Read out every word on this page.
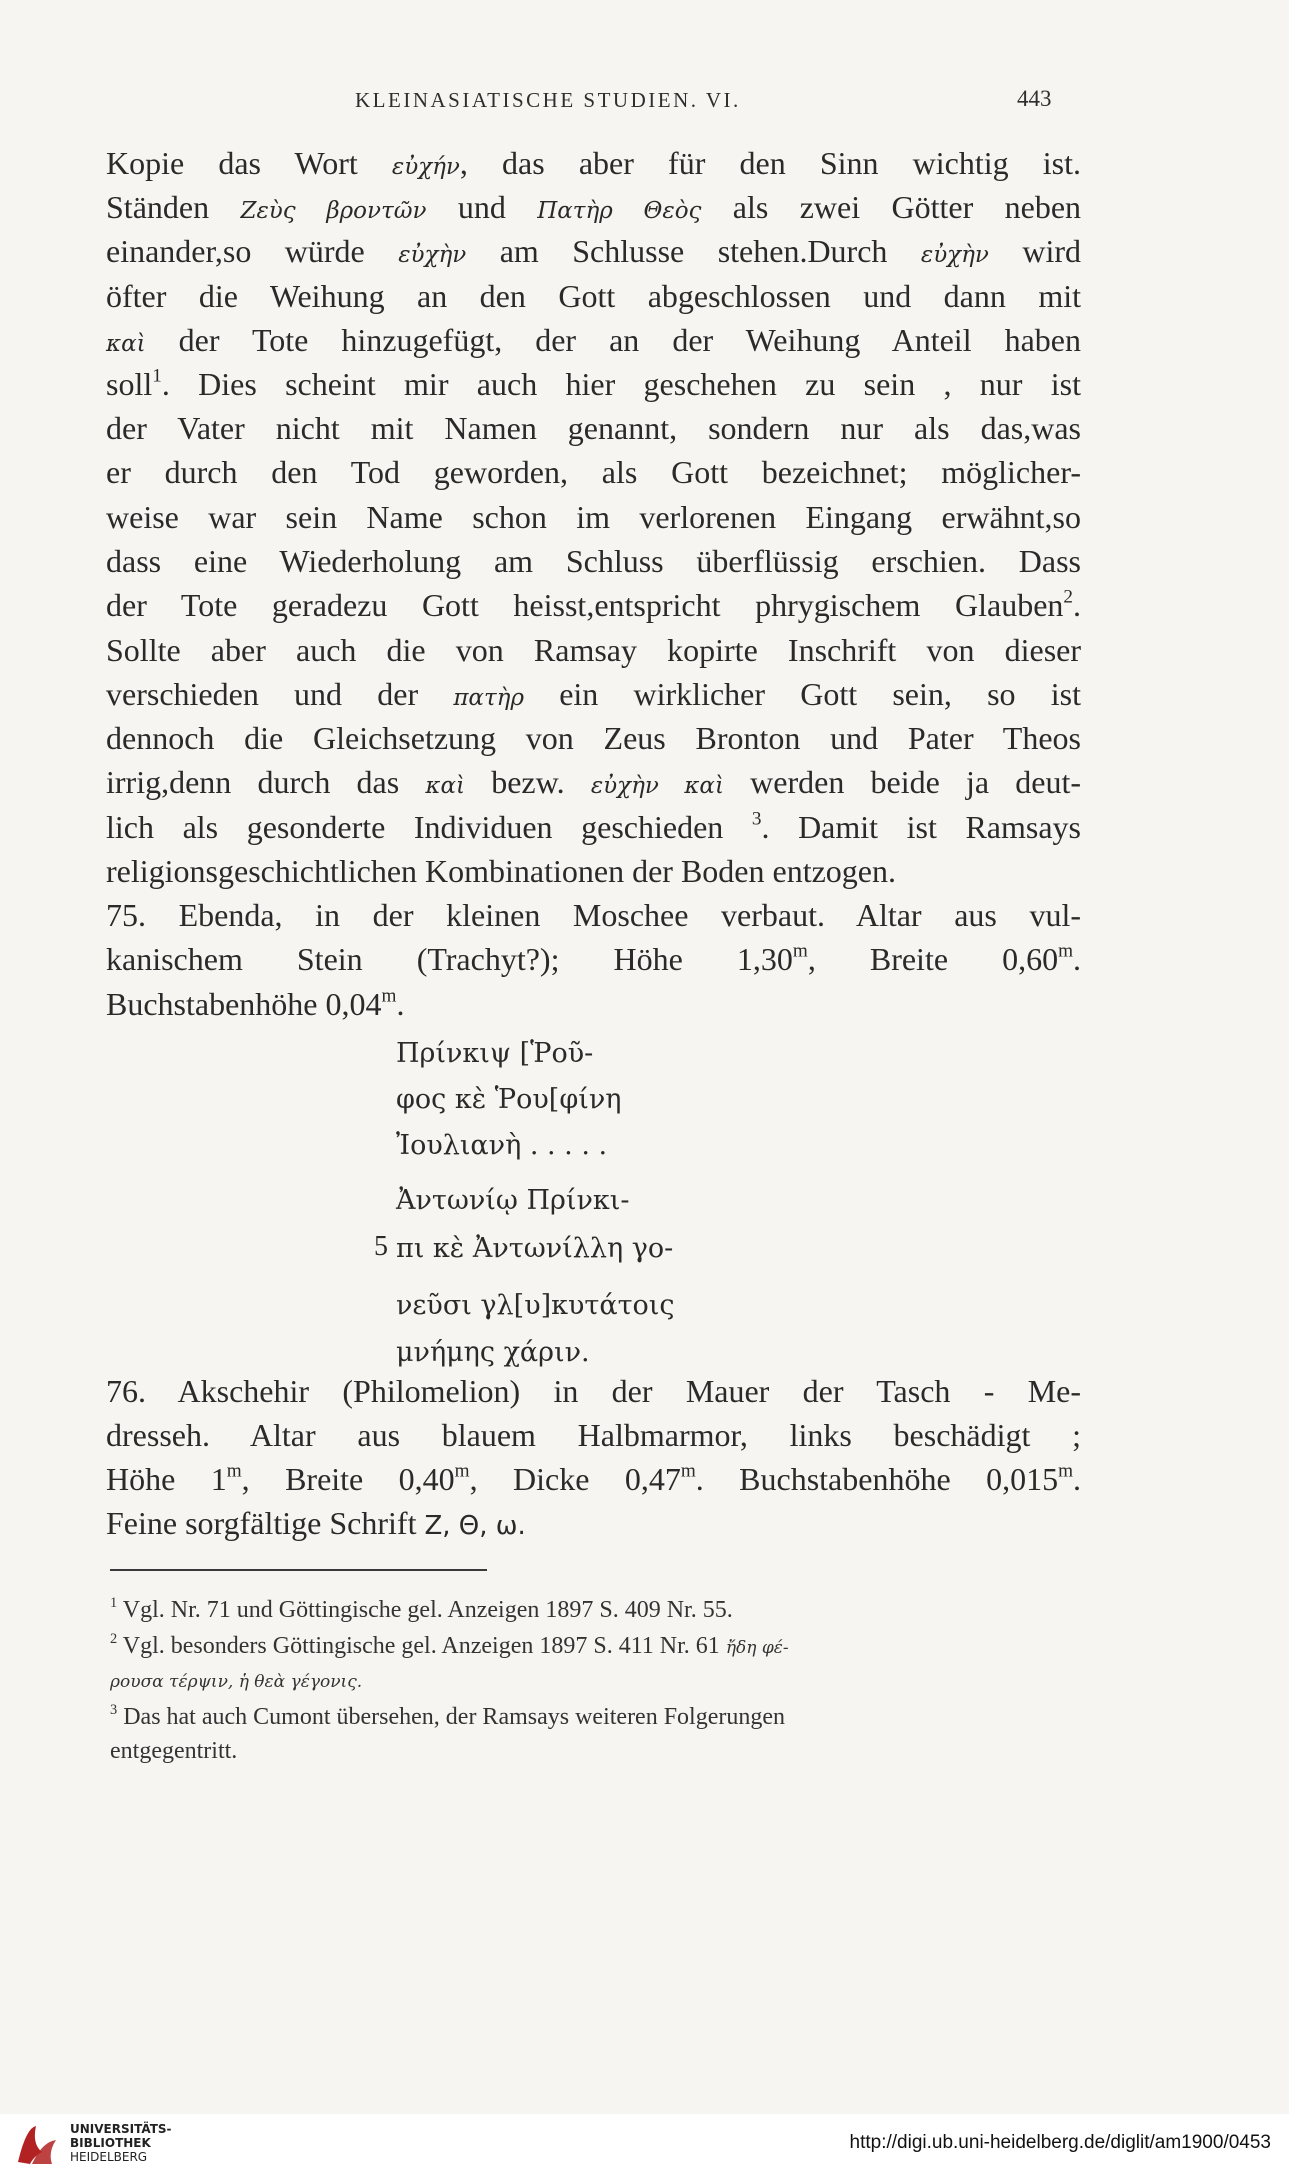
KLEINASIATISCHE STUDIEN. VI.	443
Kopie das Wort εὐχήν, das aber für den Sinn wichtig ist.
Ständen Ζεὺς βροντῶν und Πατὴρ Θεὸς als zwei Götter neben
einander,so würde εὐχὴν am Schlusse stehen.Durch εὐχὴν wird
öfter die Weihung an den Gott abgeschlossen und dann mit
καὶ der Tote hinzugefügt, der an der Weihung Anteil haben
soll$^1$. Dies scheint mir auch hier geschehen zu sein , nur ist
der Vater nicht mit Namen genannt, sondern nur als das,was
er durch den Tod geworden, als Gott bezeichnet; möglicher-
weise war sein Name schon im verlorenen Eingang erwähnt,so
dass eine Wiederholung am Schluss überflüssig erschien. Dass
der Tote geradezu Gott heisst,entspricht phrygischem Glauben$^2$.
Sollte aber auch die von Ramsay kopirte Inschrift von dieser
verschieden und der πατὴρ ein wirklicher Gott sein, so ist
dennoch die Gleichsetzung von Zeus Bronton und Pater Theos
irrig,denn durch das καὶ bezw. εὐχὴν καὶ werden beide ja deut-
lich als gesonderte Individuen geschieden $^3$. Damit ist Ramsays
religionsgeschichtlichen Kombinationen der Boden entzogen.
75. Ebenda, in der kleinen Moschee verbaut. Altar aus vul-
kanischem Stein (Trachyt?); Höhe 1,30$^m$, Breite 0,60$^m$.
Buchstabenhöhe 0,04$^m$.
Πρίνκιψ [Ῥοῦ-
φος κὲ Ῥου[φίνη
Ἰουλιανὴ . . . . .
Ἀντωνίῳ Πρίνκι-
5 πι κὲ Ἀντωνίλλη γο-
νεῦσι γλ[υ]κυτάτοις
μνήμης χάριν.
76. Akschehir (Philomelion) in der Mauer der Tasch - Me-
dresseh. Altar aus blauem Halbmarmor, links beschädigt ;
Höhe 1$^m$, Breite 0,40$^m$, Dicke 0,47$^m$. Buchstabenhöhe 0,015$^m$.
Feine sorgfältige Schrift Ζ, Θ, ω.
$^1$ Vgl. Nr. 71 und Göttingische gel. Anzeigen 1897 S. 409 Nr. 55.
$^2$ Vgl. besonders Göttingische gel. Anzeigen 1897 S. 411 Nr. 61 ἤδη φέ-
ρουσα τέρψιν, ἡ θεὰ γέγονις.
$^3$ Das hat auch Cumont übersehen, der Ramsays weiteren Folgerungen
entgegentritt.
UNIVERSITÄTS-
BIBLIOTHEK
HEIDELBERG
http://digi.ub.uni-heidelberg.de/diglit/am1900/0453
